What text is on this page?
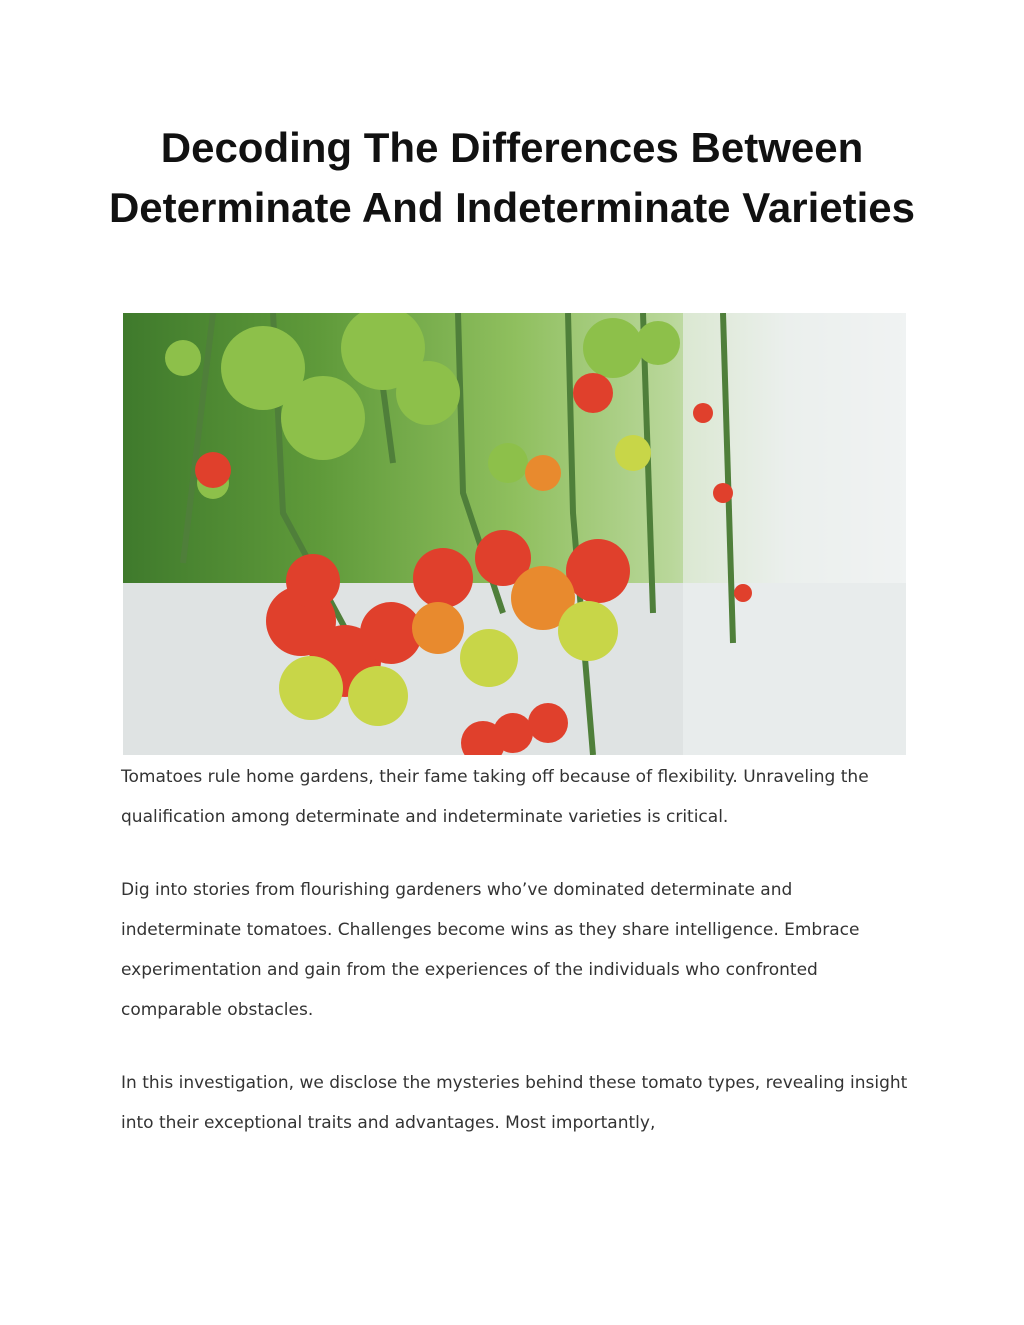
Decoding The Differences Between Determinate And Indeterminate Varieties

Tomatoes rule home gardens, their fame taking off because of flexibility. Unraveling the qualification among determinate and indeterminate varieties is critical.

Dig into stories from flourishing gardeners who’ve dominated determinate and indeterminate tomatoes. Challenges become wins as they share intelligence. Embrace experimentation and gain from the experiences of the individuals who confronted comparable obstacles.

In this investigation, we disclose the mysteries behind these tomato types, revealing insight into their exceptional traits and advantages. Most importantly,
